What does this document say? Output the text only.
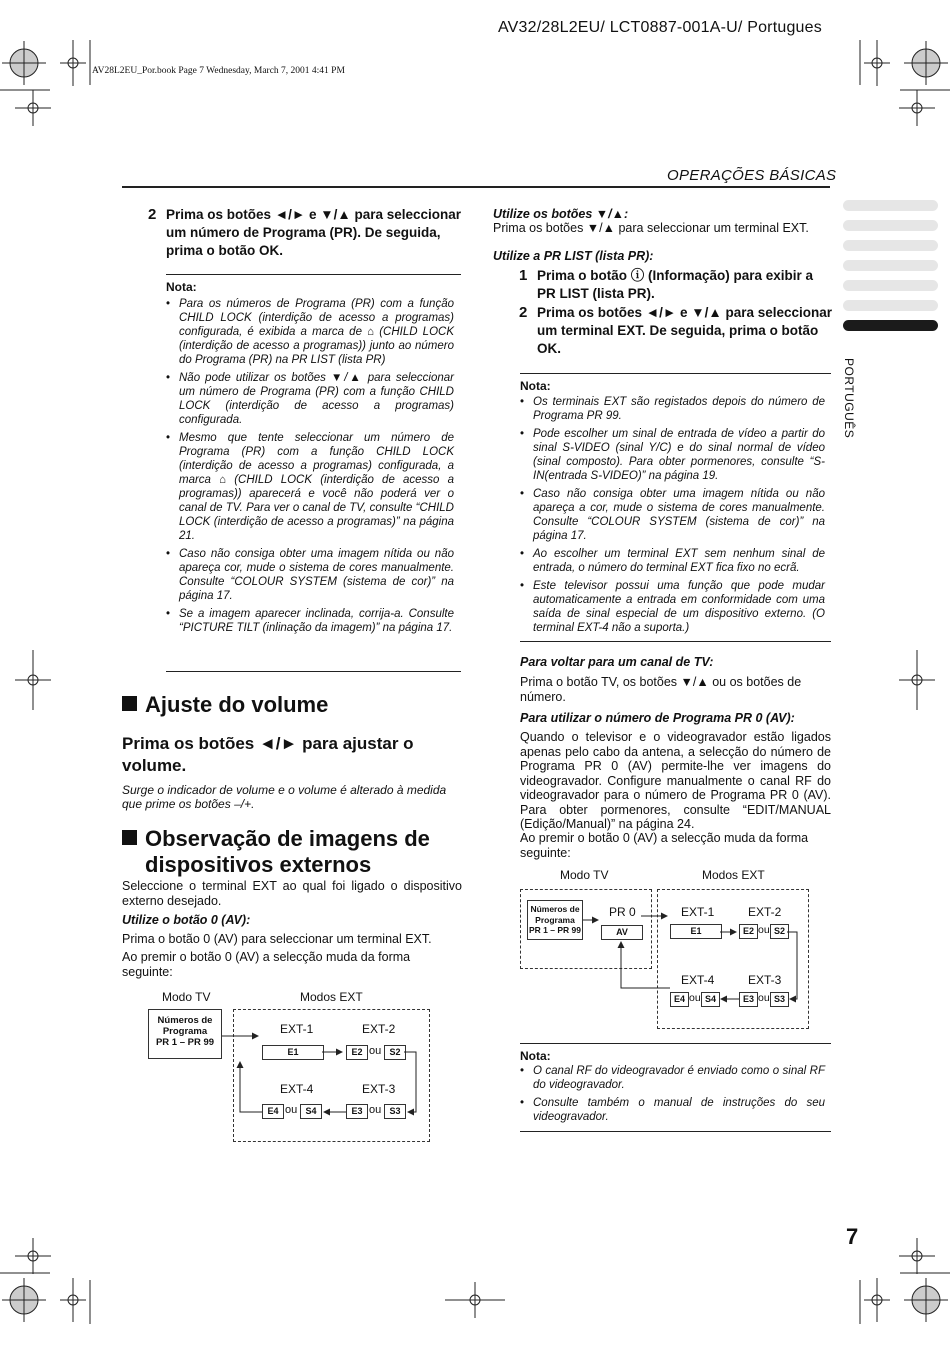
AV32/28L2EU/ LCT0887-001A-U/ Portugues
AV28L2EU_Por.book Page 7 Wednesday, March 7, 2001 4:41 PM
OPERAÇÕES BÁSICAS
PORTUGUÊS
2 Prima os botões ◄/► e ▼/▲ para seleccionar um número de Programa (PR). De seguida, prima o botão OK.
Nota:
• Para os números de Programa (PR) com a função CHILD LOCK (interdição de acesso a programas) configurada, é exibida a marca de ⌂ (CHILD LOCK (interdição de acesso a programas)) junto ao número do Programa (PR) na PR LIST (lista PR)
• Não pode utilizar os botões ▼/▲ para seleccionar um número de Programa (PR) com a função CHILD LOCK (interdição de acesso a programas) configurada.
• Mesmo que tente seleccionar um número de Programa (PR) com a função CHILD LOCK (interdição de acesso a programas) configurada, a marca ⌂ (CHILD LOCK (interdição de acesso a programas)) aparecerá e você não poderá ver o canal de TV. Para ver o canal de TV, consulte “CHILD LOCK (interdição de acesso a programas)” na página 21.
• Caso não consiga obter uma imagem nítida ou não apareça cor, mude o sistema de cores manualmente. Consulte “COLOUR SYSTEM (sistema de cor)” na página 17.
• Se a imagem aparecer inclinada, corrija-a. Consulte “PICTURE TILT (inlinação da imagem)” na página 17.
Ajuste do volume
Prima os botões ◄/► para ajustar o volume.
Surge o indicador de volume e o volume é alterado à medida que prime os botões –/+.
Observação de imagens de
dispositivos externos
Seleccione o terminal EXT ao qual foi ligado o dispositivo externo desejado.
Utilize o botão 0 (AV):
Prima o botão 0 (AV) para seleccionar um terminal EXT.
Ao premir o botão 0 (AV) a selecção muda da forma seguinte:
Modo TV	Modos EXT
Números de
Programa
PR 1 – PR 99
EXT-1	EXT-2
E1	E2 ou S2
EXT-4	EXT-3
E4 ou S4	E3 ou S3
Utilize os botões ▼/▲:
Prima os botões ▼/▲ para seleccionar um terminal EXT.
Utilize a PR LIST (lista PR):
1 Prima o botão ⓘ (Informação) para exibir a PR LIST (lista PR).
2 Prima os botões ◄/► e ▼/▲ para seleccionar um terminal EXT. De seguida, prima o botão OK.
Nota:
• Os terminais EXT são registados depois do número de Programa PR 99.
• Pode escolher um sinal de entrada de vídeo a partir do sinal S-VIDEO (sinal Y/C) e do sinal normal de vídeo (sinal composto). Para obter pormenores, consulte “S-IN(entrada S-VIDEO)” na página 19.
• Caso não consiga obter uma imagem nítida ou não apareça a cor, mude o sistema de cores manualmente. Consulte “COLOUR SYSTEM (sistema de cor)” na página 17.
• Ao escolher um terminal EXT sem nenhum sinal de entrada, o número do terminal EXT fica fixo no ecrã.
• Este televisor possui uma função que pode mudar automaticamente a entrada em conformidade com uma saída de sinal especial de um dispositivo externo. (O terminal EXT-4 não a suporta.)
Para voltar para um canal de TV:
Prima o botão TV, os botões ▼/▲ ou os botões de número.
Para utilizar o número de Programa PR 0 (AV):
Quando o televisor e o videogravador estão ligados apenas pelo cabo da antena, a selecção do número de Programa PR 0 (AV) permite-lhe ver imagens do videogravador. Configure manualmente o canal RF do videogravador para o número de Programa PR 0 (AV). Para obter pormenores, consulte “EDIT/MANUAL (Edição/Manual)” na página 24.
Ao premir o botão 0 (AV) a selecção muda da forma seguinte:
Modo TV	Modos EXT
Números de
Programa
PR 1 – PR 99
PR 0
AV
EXT-1	EXT-2
E1	E2 ou S2
EXT-4	EXT-3
E4 ou S4	E3 ou S3
Nota:
• O canal RF do videogravador é enviado como o sinal RF do videogravador.
• Consulte também o manual de instruções do seu videogravador.
7
